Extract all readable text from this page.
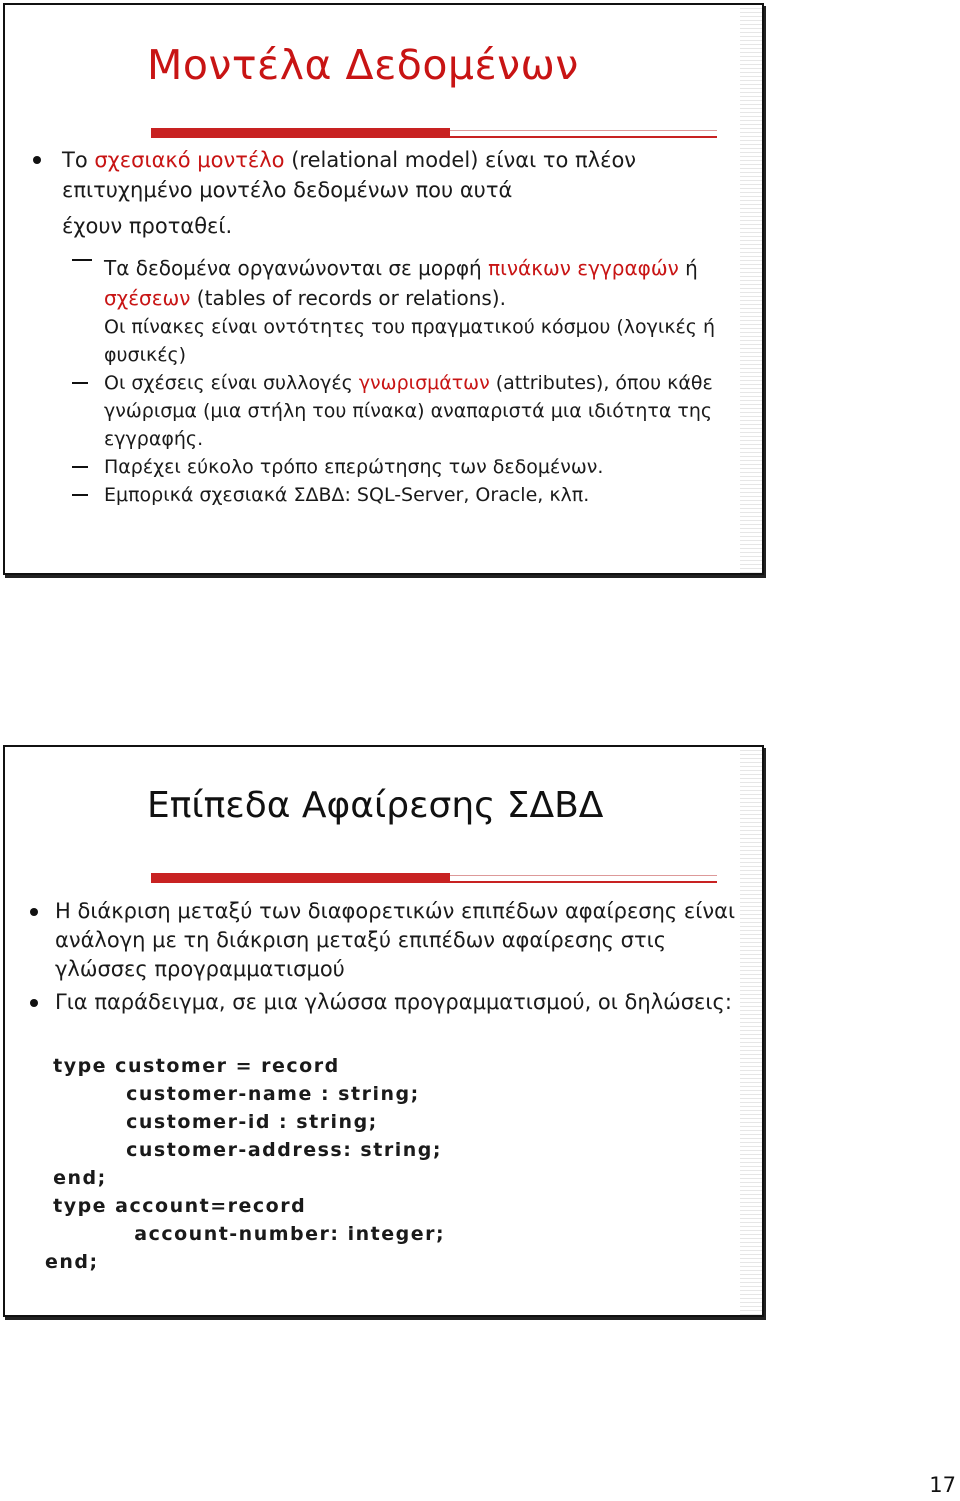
Μοντέλα Δεδομένων

Το σχεσιακό μοντέλο (relational model) είναι το πλέον επιτυχημένο μοντέλο δεδομένων που αυτά

έχουν προταθεί.

Τα δεδομένα οργανώνονται σε μορφή πινάκων εγγραφών ή σχέσεων (tables of records or relations).
Οι πίνακες είναι οντότητες του πραγματικού κόσμου (λογικές ή φυσικές)
Οι σχέσεις είναι συλλογές γνωρισμάτων (attributes), όπου κάθε γνώρισμα (μια στήλη του πίνακα) αναπαριστά μια ιδιότητα της εγγραφής.
Παρέχει εύκολο τρόπο επερώτησης των δεδομένων.
Εμπορικά σχεσιακά ΣΔΒΔ: SQL-Server, Oracle, κλπ.
Επίπεδα Αφαίρεσης ΣΔΒΔ

Η διάκριση μεταξύ των διαφορετικών επιπέδων αφαίρεσης είναι ανάλογη με τη διάκριση μεταξύ επιπέδων αφαίρεσης στις γλώσσες προγραμματισμού

Για παράδειγμα, σε μια γλώσσα προγραμματισμού, οι δηλώσεις:

type customer = record
customer-name : string;
customer-id : string;
customer-address: string;
end;
type account=record
account-number: integer;
end;
17
